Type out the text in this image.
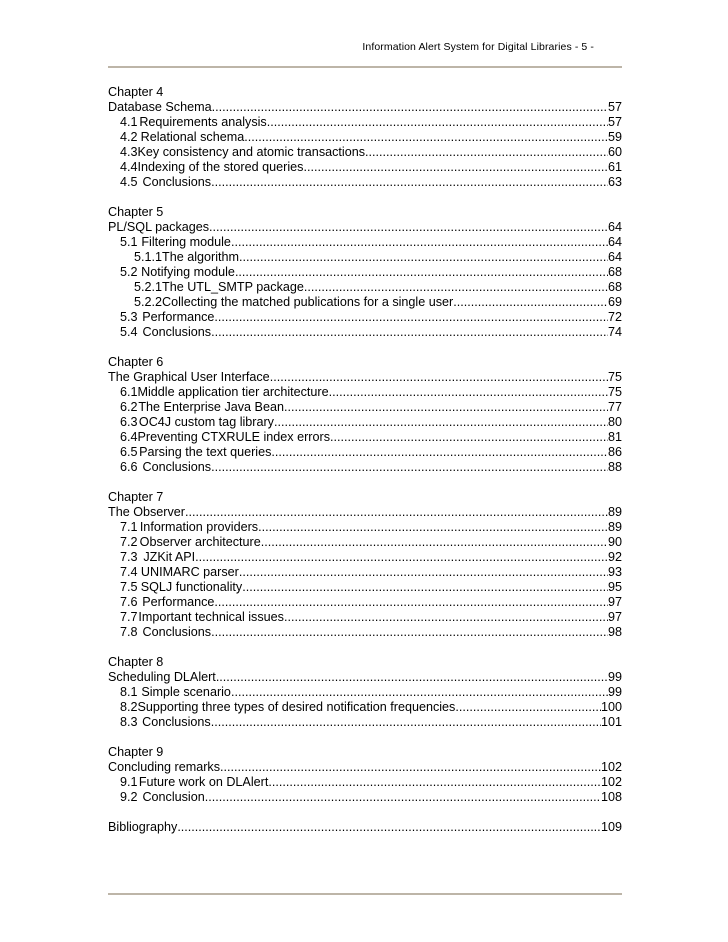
Information Alert System for Digital Libraries - 5 -
Chapter 4
Database Schema .....	57
4.1 Requirements analysis .....	57
4.2 Relational schema .....	59
4.3 Key consistency and atomic transactions .....	60
4.4 Indexing of the stored queries .....	61
4.5 Conclusions .....	63
Chapter 5
PL/SQL packages .....	64
5.1 Filtering module .....	64
5.1.1 The algorithm .....	64
5.2 Notifying module .....	68
5.2.1 The UTL_SMTP package .....	68
5.2.2 Collecting the matched publications for a single user .....	69
5.3 Performance .....	72
5.4 Conclusions .....	74
Chapter 6
The Graphical User Interface .....	75
6.1 Middle application tier architecture .....	75
6.2 The Enterprise Java Bean .....	77
6.3 OC4J custom tag library .....	80
6.4 Preventing CTXRULE index errors .....	81
6.5 Parsing the text queries .....	86
6.6 Conclusions .....	88
Chapter 7
The Observer .....	89
7.1 Information providers .....	89
7.2 Observer architecture .....	90
7.3 JZKit API .....	92
7.4 UNIMARC parser .....	93
7.5 SQLJ functionality .....	95
7.6 Performance .....	97
7.7 Important technical issues .....	97
7.8 Conclusions .....	98
Chapter 8
Scheduling DLAlert .....	99
8.1 Simple scenario .....	99
8.2 Supporting three types of desired notification frequencies .....	100
8.3 Conclusions .....	101
Chapter 9
Concluding remarks .....	102
9.1 Future work on DLAlert .....	102
9.2 Conclusion .....	108
Bibliography .....	109
